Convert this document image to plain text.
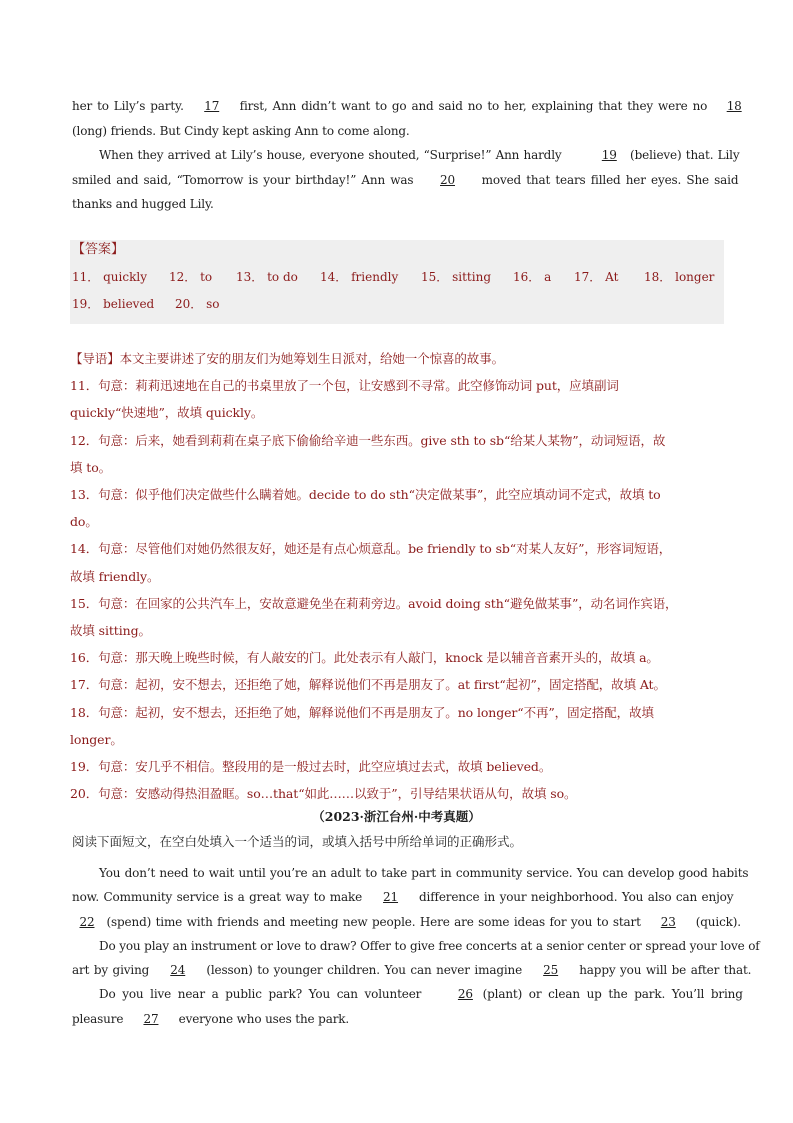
her to Lily’s party. 17 first, Ann didn’t want to go and said no to her, explaining that they were no 18
(long) friends. But Cindy kept asking Ann to come along.
When they arrived at Lily’s house, everyone shouted, “Surprise!” Ann hardly	19 (believe) that. Lily
smiled and said, “Tomorrow is your birthday!” Ann was 20 moved that tears filled her eyes. She said
thanks and hugged Lily.
【答案】
11． quickly 12． to 13． to do 14． friendly 15． sitting 16． a 17． At 18． longer
19． believed 20． so
【导语】本文主要讲述了安的朋友们为她筹划生日派对，给她一个惊喜的故事。
11．句意：莉莉迅速地在自己的书桌里放了一个包，让安感到不寻常。此空修饰动词 put，应填副词
quickly“快速地”，故填 quickly。
12．句意：后来，她看到莉莉在桌子底下偷偷给辛迪一些东西。give sth to sb“给某人某物”，动词短语，故
填 to。
13．句意：似乎他们决定做些什么瞒着她。decide to do sth“决定做某事”，此空应填动词不定式，故填 to
do。
14．句意：尽管他们对她仍然很友好，她还是有点心烦意乱。be friendly to sb“对某人友好”，形容词短语，
故填 friendly。
15．句意：在回家的公共汽车上，安故意避免坐在莉莉旁边。avoid doing sth“避免做某事”，动名词作宾语，
故填 sitting。
16．句意：那天晚上晚些时候，有人敲安的门。此处表示有人敲门，knock 是以辅音音素开头的，故填 a。
17．句意：起初，安不想去，还拒绝了她，解释说他们不再是朋友了。at first“起初”，固定搭配，故填 At。
18．句意：起初，安不想去，还拒绝了她，解释说他们不再是朋友了。no longer“不再”，固定搭配，故填
longer。
19．句意：安几乎不相信。整段用的是一般过去时，此空应填过去式，故填 believed。
20．句意：安感动得热泪盈眶。so…that“如此……以致于”，引导结果状语从句，故填 so。
（2023·浙江台州·中考真题）
阅读下面短文，在空白处填入一个适当的词，或填入括号中所给单词的正确形式。
You don’t need to wait until you’re an adult to take part in community service. You can develop good habits
now. Community service is a great way to make 21 difference in your neighborhood. You also can enjoy
22 (spend) time with friends and meeting new people. Here are some ideas for you to start 23 (quick).
Do you play an instrument or love to draw? Offer to give free concerts at a senior center or spread your love of
art by giving 24 (lesson) to younger children. You can never imagine 25 happy you will be after that.
Do you live near a public park? You can volunteer	26 (plant) or clean up the park. You’ll bring
pleasure 27 everyone who uses the park.
